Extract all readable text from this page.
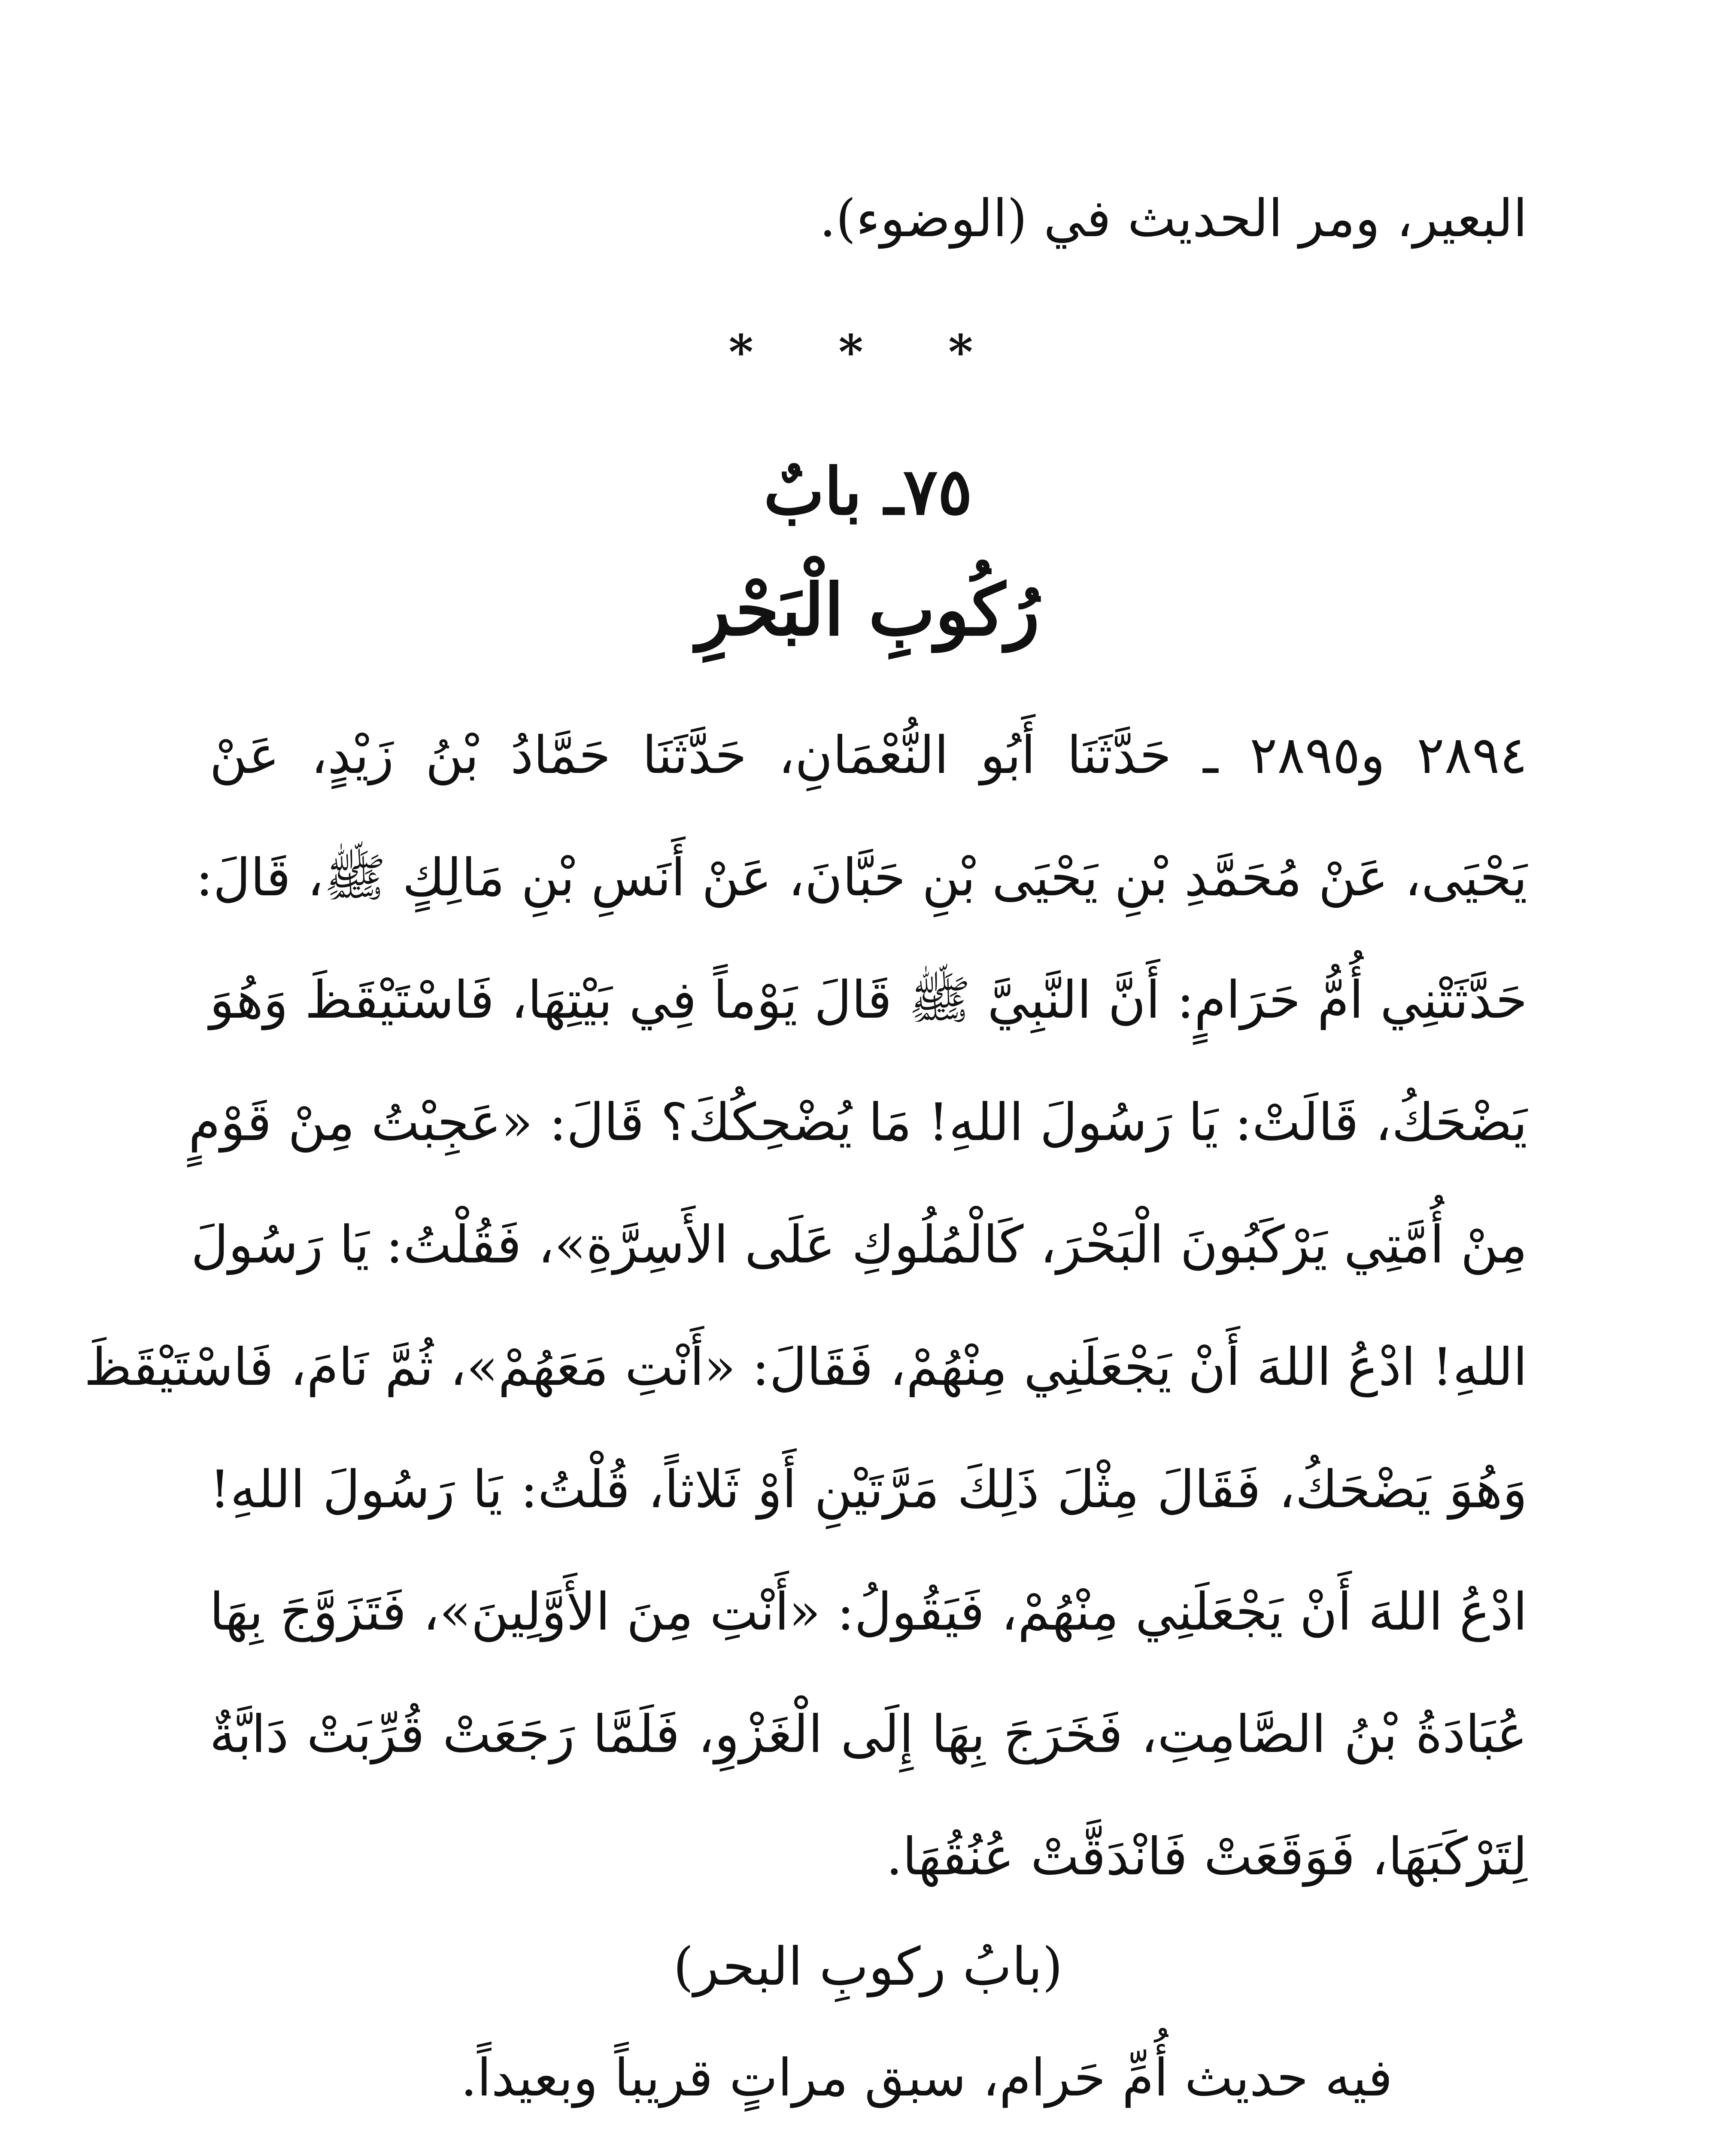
البعير، ومر الحديث في (الوضوء).
* * *
٧٥ـ بابٌ
رُكُوبِ الْبَحْرِ
٢٨٩٤ و٢٨٩٥ ـ حَدَّثَنَا أَبُو النُّعْمَانِ، حَدَّثَنَا حَمَّادُ بْنُ زَيْدٍ، عَنْ
يَحْيَى، عَنْ مُحَمَّدِ بْنِ يَحْيَى بْنِ حَبَّانَ، عَنْ أَنَسِ بْنِ مَالِكٍ ﷺ، قَالَ:
حَدَّثَتْنِي أُمُّ حَرَامٍ: أَنَّ النَّبِيَّ ﷺ قَالَ يَوْماً فِي بَيْتِهَا، فَاسْتَيْقَظَ وَهُوَ
يَضْحَكُ، قَالَتْ: يَا رَسُولَ اللهِ! مَا يُضْحِكُكَ؟ قَالَ: «عَجِبْتُ مِنْ قَوْمٍ
مِنْ أُمَّتِي يَرْكَبُونَ الْبَحْرَ، كَالْمُلُوكِ عَلَى الأَسِرَّةِ»، فَقُلْتُ: يَا رَسُولَ
اللهِ! ادْعُ اللهَ أَنْ يَجْعَلَنِي مِنْهُمْ، فَقَالَ: «أَنْتِ مَعَهُمْ»، ثُمَّ نَامَ، فَاسْتَيْقَظَ
وَهُوَ يَضْحَكُ، فَقَالَ مِثْلَ ذَلِكَ مَرَّتَيْنِ أَوْ ثَلاثاً، قُلْتُ: يَا رَسُولَ اللهِ!
ادْعُ اللهَ أَنْ يَجْعَلَنِي مِنْهُمْ، فَيَقُولُ: «أَنْتِ مِنَ الأَوَّلِينَ»، فَتَزَوَّجَ بِهَا
عُبَادَةُ بْنُ الصَّامِتِ، فَخَرَجَ بِهَا إِلَى الْغَزْوِ، فَلَمَّا رَجَعَتْ قُرِّبَتْ دَابَّةٌ
لِتَرْكَبَهَا، فَوَقَعَتْ فَانْدَقَّتْ عُنُقُهَا.
(بابُ ركوبِ البحر)
فيه حديث أُمِّ حَرام، سبق مراتٍ قريباً وبعيداً.
